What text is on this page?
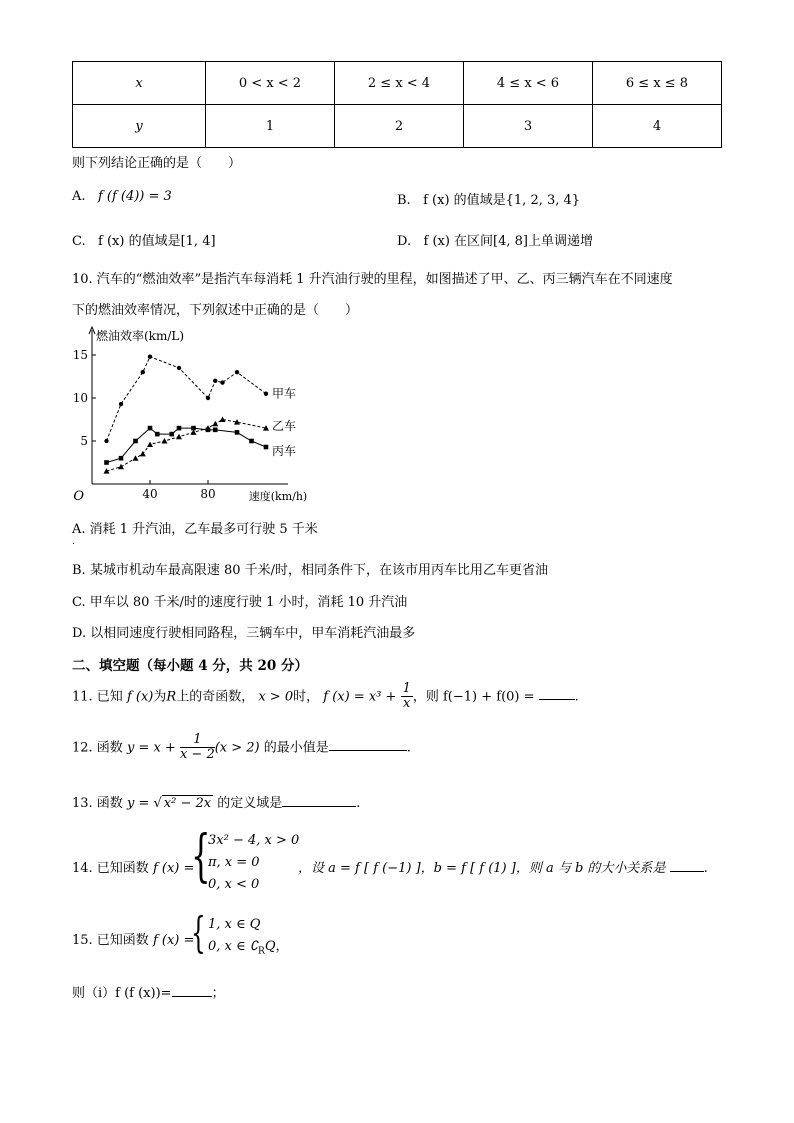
x	0 < x < 2	2 ≤ x < 4	4 ≤ x < 6	6 ≤ x ≤ 8
y	1	2	3	4
则下列结论正确的是（　　）
A. f (f (4)) = 3	B. f (x) 的值域是{1, 2, 3, 4}
C. f (x) 的值域是[1, 4]	D. f (x) 在区间[4, 8]上单调递增
10. 汽车的“燃油效率”是指汽车每消耗 1 升汽油行驶的里程，如图描述了甲、乙、丙三辆汽车在不同速度
下的燃油效率情况，下列叙述中正确的是（　　）
5
10
15
40	80
O
燃油效率(km/L)
速度(km/h)
甲车
乙车
丙车
A. 消耗 1 升汽油，乙车最多可行驶 5 千米
.
B. 某城市机动车最高限速 80 千米/时，相同条件下，在该市用丙车比用乙车更省油
C. 甲车以 80 千米/时的速度行驶 1 小时，消耗 10 升汽油
D. 以相同速度行驶相同路程，三辆车中，甲车消耗汽油最多
二、填空题（每小题 4 分，共 20 分）
11. 已知 f (x)为R上的奇函数， x > 0时， f $(x) = x^3 + \frac{1}{x}$ ，则 f(−1) + f(0) =	.
12. 函数 $y = x + \frac{1}{x - 2} (x > 2)$ 的最小值是	.
13. 函数 y = √ x² − 2x 的定义域是	.
14. 已知函数 f (x) =
{
3x² − 4, x > 0
π, x = 0
0, x < 0
，设 a = f [ f (−1) ]，b = f [ f (1) ]，则 a 与 b 的大小关系是	.
15. 已知函数 f (x) =
{ 1, x ∈ Q
0, x ∈ $∁_RQ$，
则（ⅰ）f (f (x))=	；
